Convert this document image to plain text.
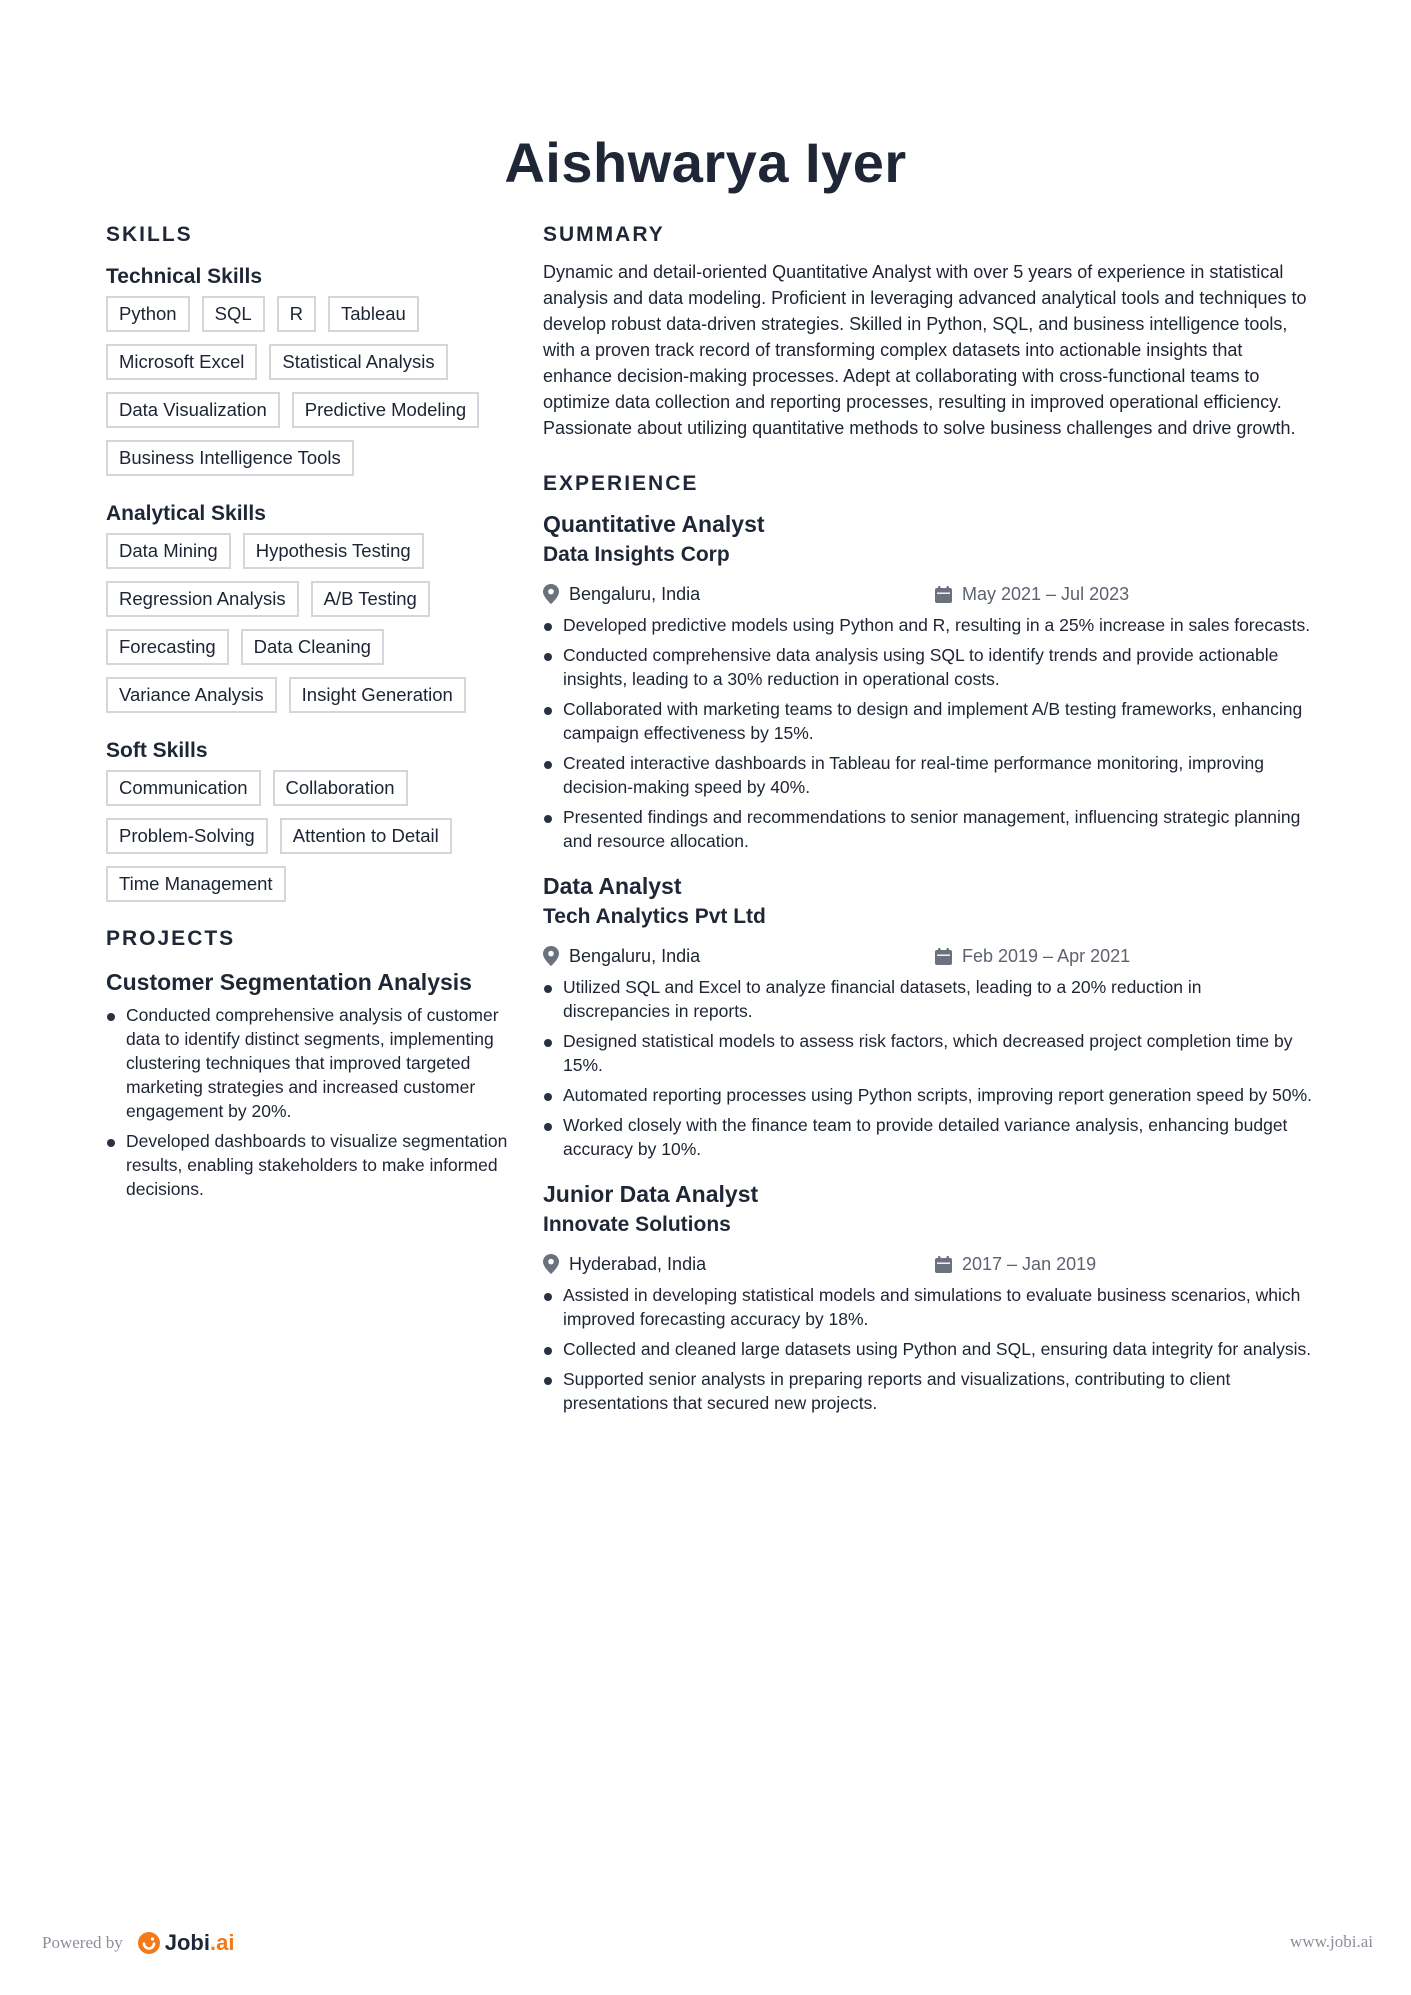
Aishwarya Iyer
SKILLS
Technical Skills
Python	SQL	R	Tableau
Microsoft Excel	Statistical Analysis
Data Visualization	Predictive Modeling
Business Intelligence Tools
Analytical Skills
Data Mining	Hypothesis Testing
Regression Analysis	A/B Testing
Forecasting	Data Cleaning
Variance Analysis	Insight Generation
Soft Skills
Communication	Collaboration
Problem-Solving	Attention to Detail
Time Management
PROJECTS
Customer Segmentation Analysis
Conducted comprehensive analysis of customer data to identify distinct segments, implementing clustering techniques that improved targeted marketing strategies and increased customer engagement by 20%.
Developed dashboards to visualize segmentation results, enabling stakeholders to make informed decisions.
SUMMARY

Dynamic and detail-oriented Quantitative Analyst with over 5 years of experience in statistical analysis and data modeling. Proficient in leveraging advanced analytical tools and techniques to develop robust data-driven strategies. Skilled in Python, SQL, and business intelligence tools, with a proven track record of transforming complex datasets into actionable insights that enhance decision-making processes. Adept at collaborating with cross-functional teams to optimize data collection and reporting processes, resulting in improved operational efficiency. Passionate about utilizing quantitative methods to solve business challenges and drive growth.

EXPERIENCE
Quantitative Analyst
Data Insights Corp
Bengaluru, India	May 2021 – Jul 2023
Developed predictive models using Python and R, resulting in a 25% increase in sales forecasts.
Conducted comprehensive data analysis using SQL to identify trends and provide actionable insights, leading to a 30% reduction in operational costs.
Collaborated with marketing teams to design and implement A/B testing frameworks, enhancing campaign effectiveness by 15%.
Created interactive dashboards in Tableau for real-time performance monitoring, improving decision-making speed by 40%.
Presented findings and recommendations to senior management, influencing strategic planning and resource allocation.
Data Analyst
Tech Analytics Pvt Ltd
Bengaluru, India	Feb 2019 – Apr 2021
Utilized SQL and Excel to analyze financial datasets, leading to a 20% reduction in discrepancies in reports.
Designed statistical models to assess risk factors, which decreased project completion time by 15%.
Automated reporting processes using Python scripts, improving report generation speed by 50%.
Worked closely with the finance team to provide detailed variance analysis, enhancing budget accuracy by 10%.
Junior Data Analyst
Innovate Solutions
Hyderabad, India	2017 – Jan 2019
Assisted in developing statistical models and simulations to evaluate business scenarios, which improved forecasting accuracy by 18%.
Collected and cleaned large datasets using Python and SQL, ensuring data integrity for analysis.
Supported senior analysts in preparing reports and visualizations, contributing to client presentations that secured new projects.
Powered by Jobi .ai	www.jobi.ai
